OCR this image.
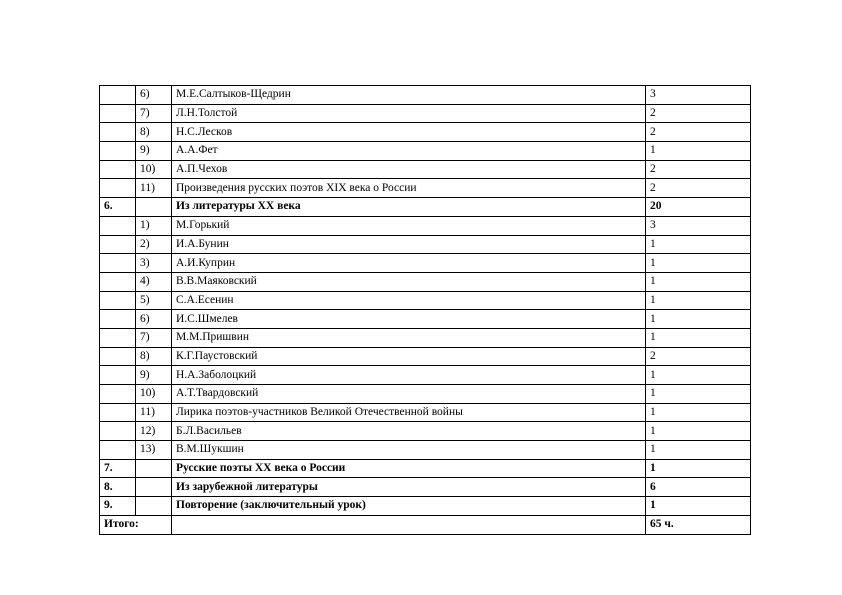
	6)	М.Е.Салтыков-Щедрин	3
	7)	Л.Н.Толстой	2
	8)	Н.С.Лесков	2
	9)	А.А.Фет	1
	10)	А.П.Чехов	2
	11)	Произведения русских поэтов XIX века о России	2
6.		Из литературы XX века	20
	1)	М.Горький	3
	2)	И.А.Бунин	1
	3)	А.И.Куприн	1
	4)	В.В.Маяковский	1
	5)	С.А.Есенин	1
	6)	И.С.Шмелев	1
	7)	М.М.Пришвин	1
	8)	К.Г.Паустовский	2
	9)	Н.А.Заболоцкий	1
	10)	А.Т.Твардовский	1
	11)	Лирика поэтов-участников Великой Отечественной войны	1
	12)	Б.Л.Васильев	1
	13)	В.М.Шукшин	1
7.		Русские поэты XX века о России	1
8.		Из зарубежной литературы	6
9.		Повторение (заключительный урок)	1
Итого:			65 ч.
